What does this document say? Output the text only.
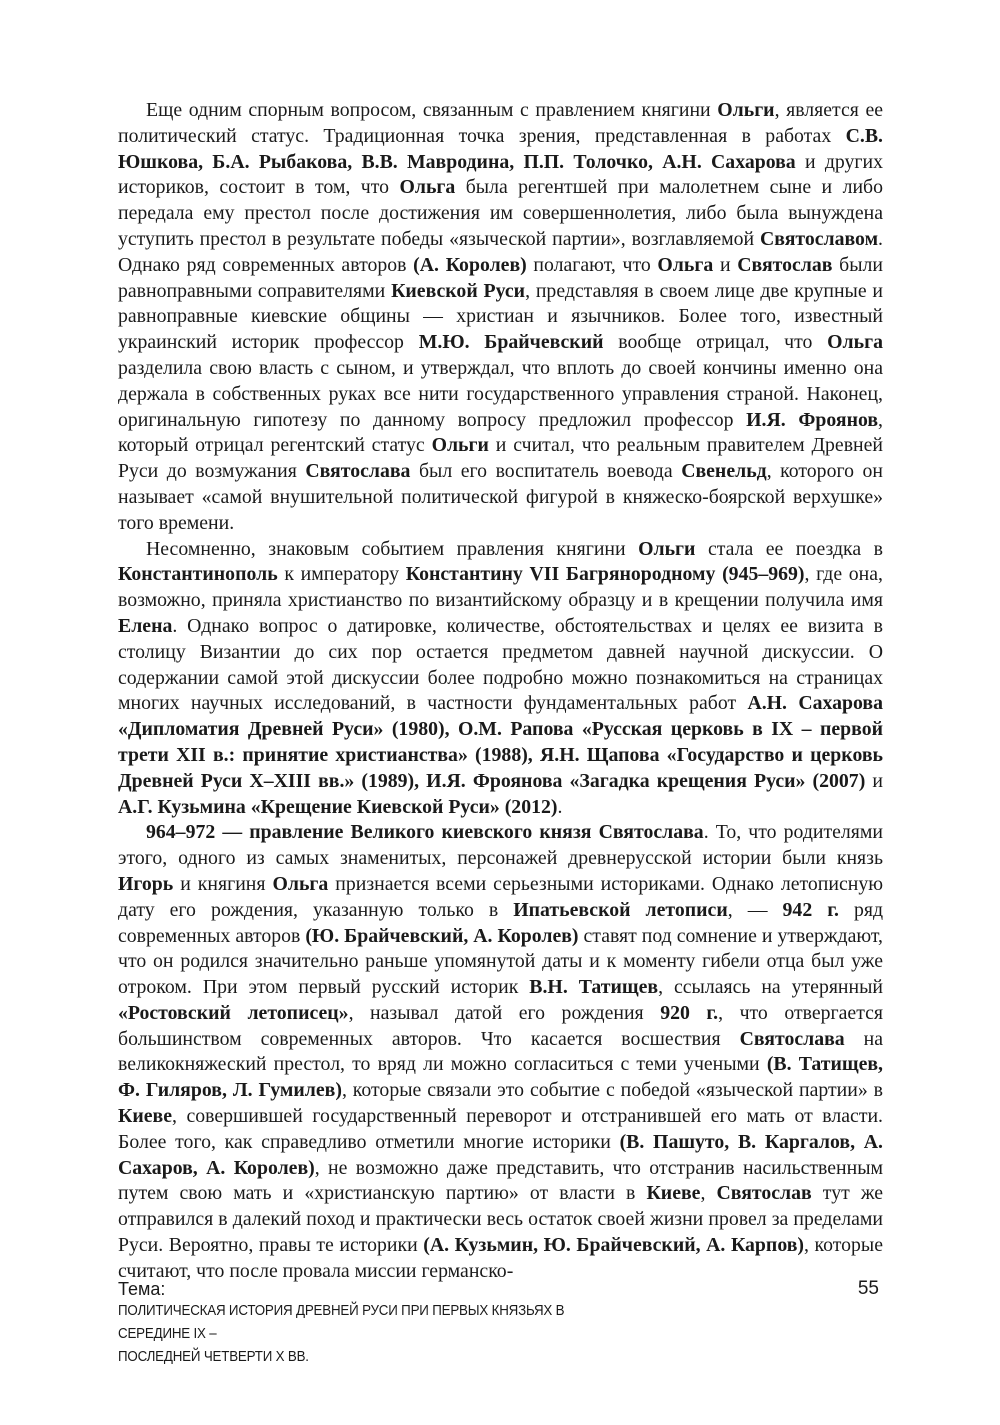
Еще одним спорным вопросом, связанным с правлением княгини Ольги, является ее политический статус. Традиционная точка зрения, представленная в работах С.В. Юшкова, Б.А. Рыбакова, В.В. Мавродина, П.П. Толочко, А.Н. Сахарова и других историков, состоит в том, что Ольга была регентшей при малолетнем сыне и либо передала ему престол после достижения им совершеннолетия, либо была вынуждена уступить престол в результате победы «языческой партии», возглавляемой Святославом. Однако ряд современных авторов (А. Королев) полагают, что Ольга и Святослав были равноправными соправителями Киевской Руси, представляя в своем лице две крупные и равноправные киевские общины — христиан и язычников. Более того, известный украинский историк профессор М.Ю. Брайчевский вообще отрицал, что Ольга разделила свою власть с сыном, и утверждал, что вплоть до своей кончины именно она держала в собственных руках все нити государственного управления страной. Наконец, оригинальную гипотезу по данному вопросу предложил профессор И.Я. Фроянов, который отрицал регентский статус Ольги и считал, что реальным правителем Древней Руси до возмужания Святослава был его воспитатель воевода Свенельд, которого он называет «самой внушительной политической фигурой в княжеско-боярской верхушке» того времени.

Несомненно, знаковым событием правления княгини Ольги стала ее поездка в Константинополь к императору Константину VII Багрянородному (945–969), где она, возможно, приняла христианство по византийскому образцу и в крещении получила имя Елена. Однако вопрос о датировке, количестве, обстоятельствах и целях ее визита в столицу Византии до сих пор остается предметом давней научной дискуссии. О содержании самой этой дискуссии более подробно можно познакомиться на страницах многих научных исследований, в частности фундаментальных работ А.Н. Сахарова «Дипломатия Древней Руси» (1980), О.М. Рапова «Русская церковь в IX – первой трети XII в.: принятие христианства» (1988), Я.Н. Щапова «Государство и церковь Древней Руси X–XIII вв.» (1989), И.Я. Фроянова «Загадка крещения Руси» (2007) и А.Г. Кузьмина «Крещение Киевской Руси» (2012).

964–972 — правление Великого киевского князя Святослава. То, что родителями этого, одного из самых знаменитых, персонажей древнерусской истории были князь Игорь и княгиня Ольга признается всеми серьезными историками. Однако летописную дату его рождения, указанную только в Ипатьевской летописи, — 942 г. ряд современных авторов (Ю. Брайчевский, А. Королев) ставят под сомнение и утверждают, что он родился значительно раньше упомянутой даты и к моменту гибели отца был уже отроком. При этом первый русский историк В.Н. Татищев, ссылаясь на утерянный «Ростовский летописец», называл датой его рождения 920 г., что отвергается большинством современных авторов. Что касается восшествия Святослава на великокняжеский престол, то вряд ли можно согласиться с теми учеными (В. Татищев, Ф. Гиляров, Л. Гумилев), которые связали это событие с победой «языческой партии» в Киеве, совершившей государственный переворот и отстранившей его мать от власти. Более того, как справедливо отметили многие историки (В. Пашуто, В. Каргалов, А. Сахаров, А. Королев), не возможно даже представить, что отстранив насильственным путем свою мать и «христианскую партию» от власти в Киеве, Святослав тут же отправился в далекий поход и практически весь остаток своей жизни провел за пределами Руси. Вероятно, правы те историки (А. Кузьмин, Ю. Брайчевский, А. Карпов), которые считают, что после провала миссии германско-

Тема:
ПОЛИТИЧЕСКАЯ ИСТОРИЯ ДРЕВНЕЙ РУСИ ПРИ ПЕРВЫХ КНЯЗЬЯХ В СЕРЕДИНЕ IX –
ПОСЛЕДНЕЙ ЧЕТВЕРТИ X ВВ.
55
